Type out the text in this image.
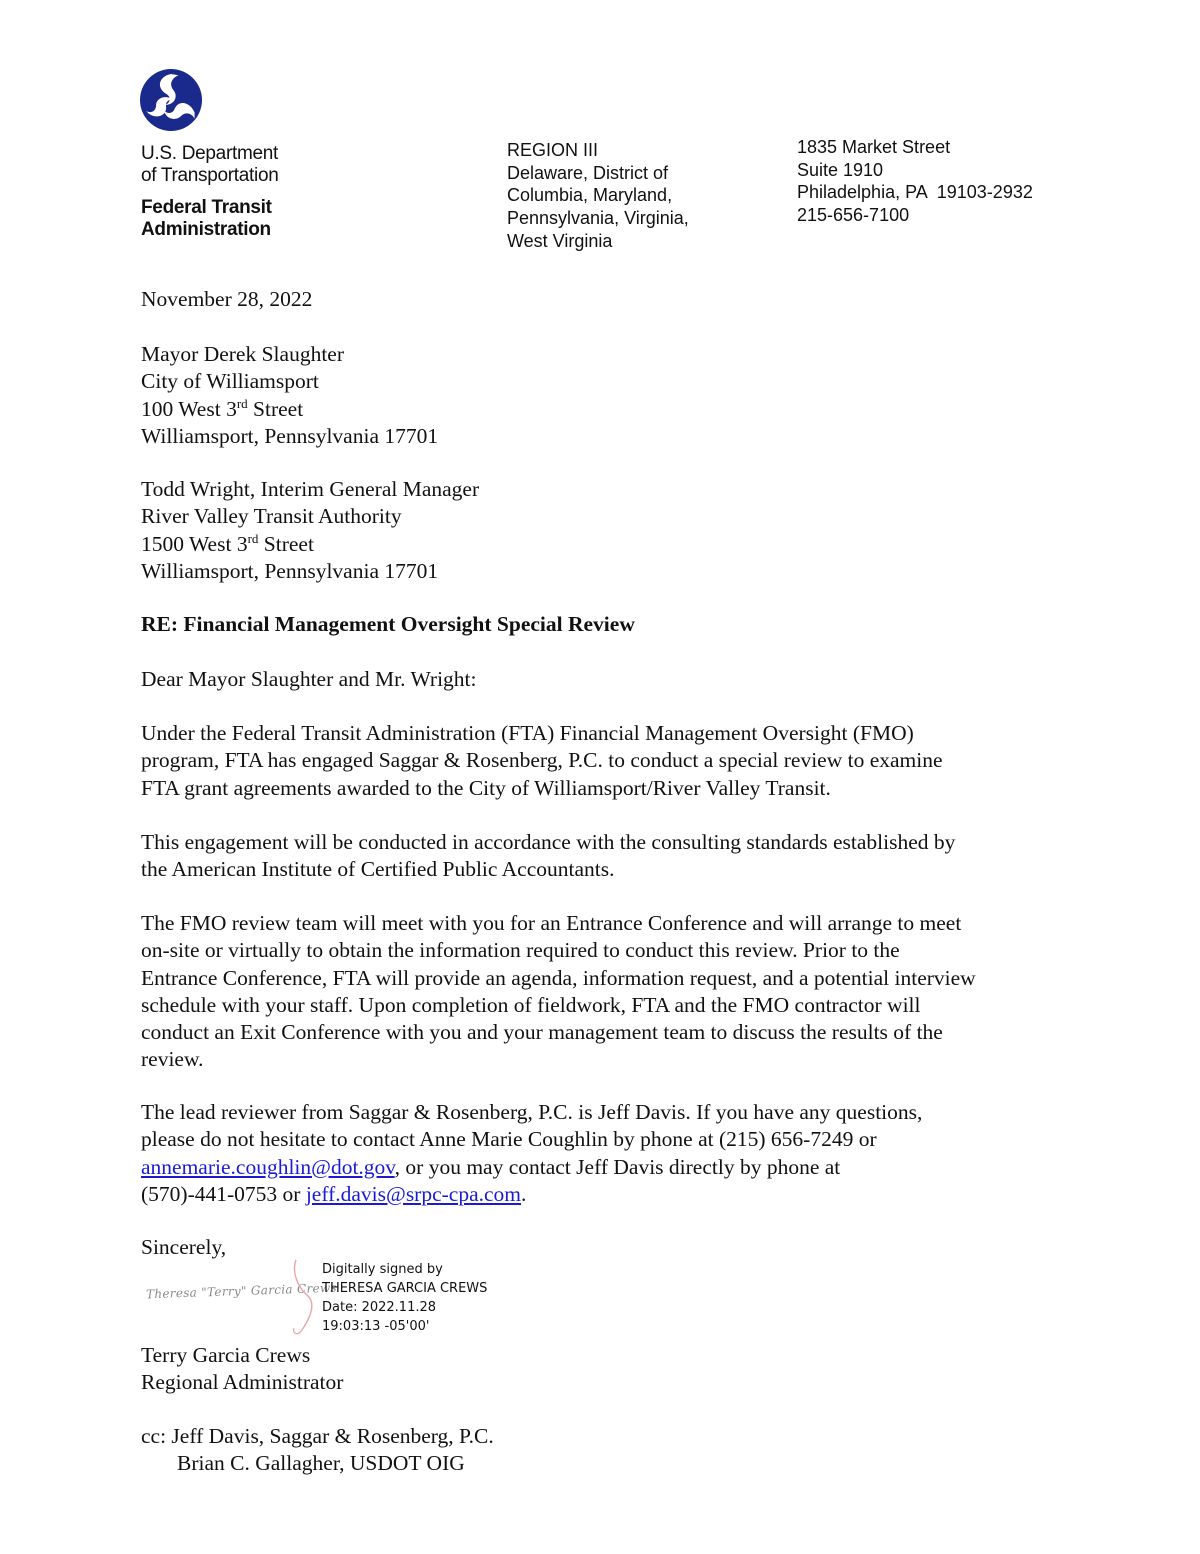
U.S. Department
of Transportation
Federal Transit
Administration
REGION III
Delaware, District of
Columbia, Maryland,
Pennsylvania, Virginia,
West Virginia
1835 Market Street
Suite 1910
Philadelphia, PA  19103-2932
215-656-7100
November 28, 2022
Mayor Derek Slaughter
City of Williamsport
100 West 3rd Street
Williamsport, Pennsylvania 17701
Todd Wright, Interim General Manager
River Valley Transit Authority
1500 West 3rd Street
Williamsport, Pennsylvania 17701
RE: Financial Management Oversight Special Review
Dear Mayor Slaughter and Mr. Wright:
Under the Federal Transit Administration (FTA) Financial Management Oversight (FMO)
program, FTA has engaged Saggar & Rosenberg, P.C. to conduct a special review to examine
FTA grant agreements awarded to the City of Williamsport/River Valley Transit.
This engagement will be conducted in accordance with the consulting standards established by
the American Institute of Certified Public Accountants.
The FMO review team will meet with you for an Entrance Conference and will arrange to meet
on-site or virtually to obtain the information required to conduct this review. Prior to the
Entrance Conference, FTA will provide an agenda, information request, and a potential interview
schedule with your staff. Upon completion of fieldwork, FTA and the FMO contractor will
conduct an Exit Conference with you and your management team to discuss the results of the
review.
The lead reviewer from Saggar & Rosenberg, P.C. is Jeff Davis. If you have any questions,
please do not hesitate to contact Anne Marie Coughlin by phone at (215) 656-7249 or
annemarie.coughlin@dot.gov, or you may contact Jeff Davis directly by phone at
(570)-441-0753 or jeff.davis@srpc-cpa.com.
Sincerely,
Theresa "Terry" Garcia Crews
Digitally signed by
THERESA GARCIA CREWS
Date: 2022.11.28
19:03:13 -05'00'
Terry Garcia Crews
Regional Administrator
cc: Jeff Davis, Saggar & Rosenberg, P.C.
Brian C. Gallagher, USDOT OIG
